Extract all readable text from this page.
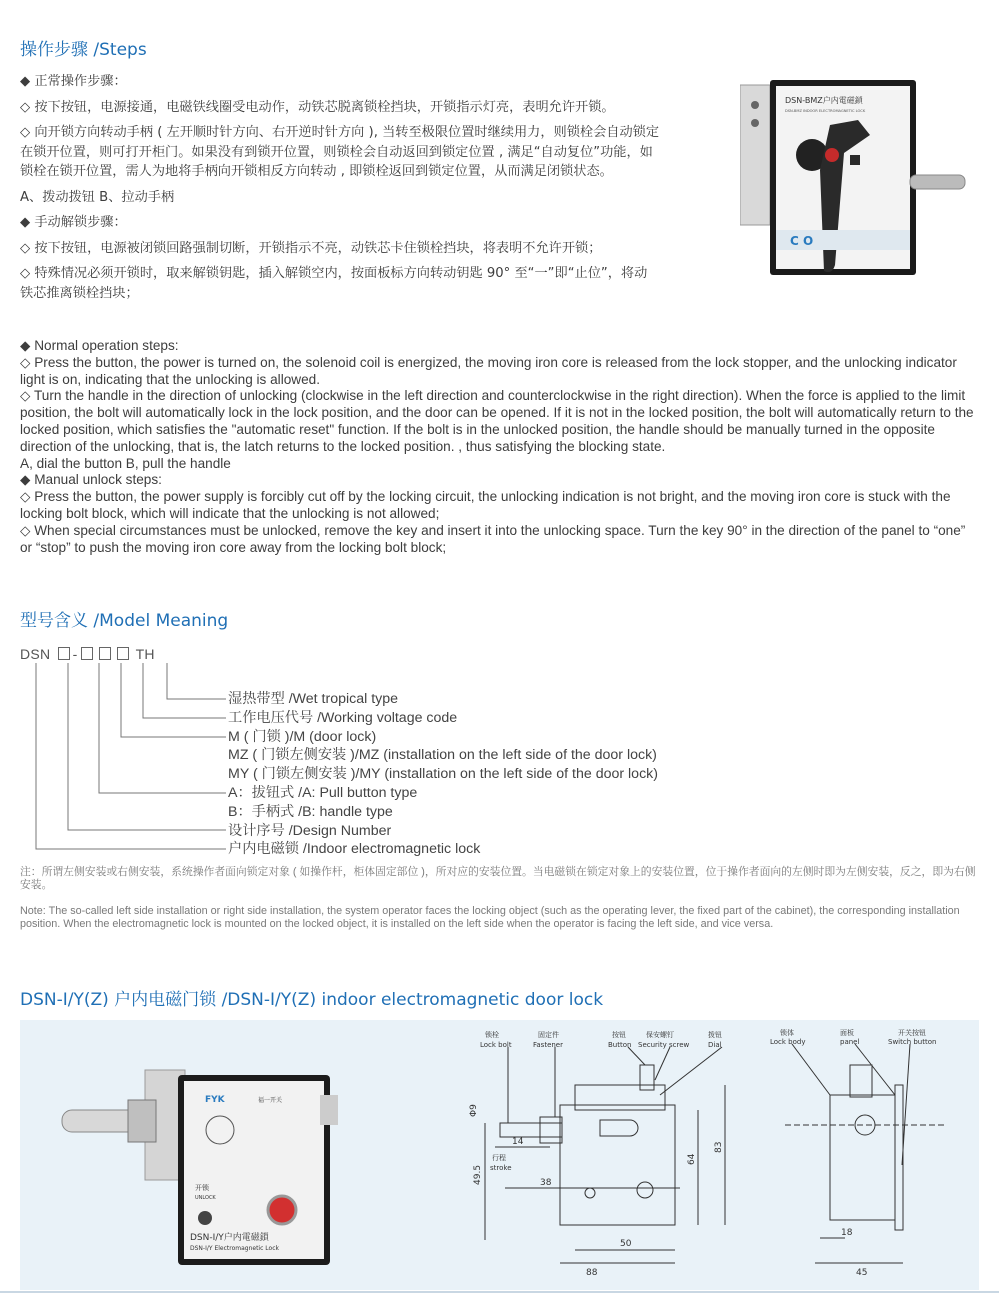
操作步骤 /Steps

◆ 正常操作步骤：

◇ 按下按钮，电源接通，电磁铁线圈受电动作，动铁芯脱离锁栓挡块，开锁指示灯亮，表明允许开锁。

◇ 向开锁方向转动手柄 ( 左开顺时针方向、右开逆时针方向 ), 当转至极限位置时继续用力，则锁栓会自动锁定在锁开位置，则可打开柜门。如果没有到锁开位置，则锁栓会自动返回到锁定位置 , 满足“自动复位”功能，如锁栓在锁开位置，需人为地将手柄向开锁相反方向转动 , 即锁栓返回到锁定位置，从而满足闭锁状态。

A、拨动拨钮 B、拉动手柄

◆ 手动解锁步骤：

◇ 按下按钮，电源被闭锁回路强制切断，开锁指示不亮，动铁芯卡住锁栓挡块，将表明不允许开锁；

◇ 特殊情况必须开锁时，取来解锁钥匙，插入解锁空内，按面板标方向转动钥匙 90° 至“一”即“止位”，将动铁芯推离锁栓挡块；

DSN-BMZ户内電磁鎖
DSN-BMZ INDOOR ELECTROMAGNETIC LOCK
C O

◆ Normal operation steps:

◇ Press the button, the power is turned on, the solenoid coil is energized, the moving iron core is released from the lock stopper, and the unlocking indicator light is on, indicating that the unlocking is allowed.

◇ Turn the handle in the direction of unlocking (clockwise in the left direction and counterclockwise in the right direction). When the force is applied to the limit position, the bolt will automatically lock in the lock position, and the door can be opened. If it is not in the locked position, the bolt will automatically return to the locked position, which satisfies the "automatic reset" function. If the bolt is in the unlocked position, the handle should be manually turned in the opposite direction of the unlocking, that is, the latch returns to the locked position. , thus satisfying the blocking state.

A, dial the button B, pull the handle

◆ Manual unlock steps:

◇ Press the button, the power supply is forcibly cut off by the locking circuit, the unlocking indication is not bright, and the moving iron core is stuck with the locking bolt block, which will indicate that the unlocking is not allowed;

◇ When special circumstances must be unlocked, remove the key and insert it into the unlocking space. Turn the key 90° in the direction of the panel to “one” or “stop” to push the moving iron core away from the locking bolt block;

型号含义 /Model Meaning
DSN -	TH
湿热带型 /Wet tropical type
工作电压代号 /Working voltage code
M ( 门锁 )/M (door lock)
MZ ( 门锁左侧安装 )/MZ (installation on the left side of the door lock)
MY ( 门锁左侧安装 )/MY (installation on the left side of the door lock)
A：拔钮式 /A: Pull button type
B：手柄式 /B: handle type
设计序号 /Design Number
户内电磁锁 /Indoor electromagnetic lock
注：所谓左侧安装或右侧安装，系统操作者面向锁定对象 ( 如操作杆，柜体固定部位 )，所对应的安装位置。当电磁锁在锁定对象上的安装位置，位于操作者面向的左侧时即为左侧安装，反之，即为右侧安装。
Note: The so-called left side installation or right side installation, the system operator faces the locking object (such as the operating lever, the fixed part of the cabinet), the corresponding installation position. When the electromagnetic lock is mounted on the locked object, it is installed on the left side when the operator is facing the left side, and vice versa.
DSN-I/Y(Z) 户内电磁门锁 /DSN-I/Y(Z) indoor electromagnetic door lock
FYK	福一开关
开锁
UNLOCK
DSN-I/Y户内電磁鎖
DSN-I/Y Electromagnetic Lock
锁栓
Lock bolt
固定件
Fastener
按钮
Button
保安螺钉
Security screw
拨钮
Dial
锁体
Lock body
面板
panel
开关按钮
Switch button
行程
stroke
Φ9
14
38
49.5
64
83
50
88
18
45
